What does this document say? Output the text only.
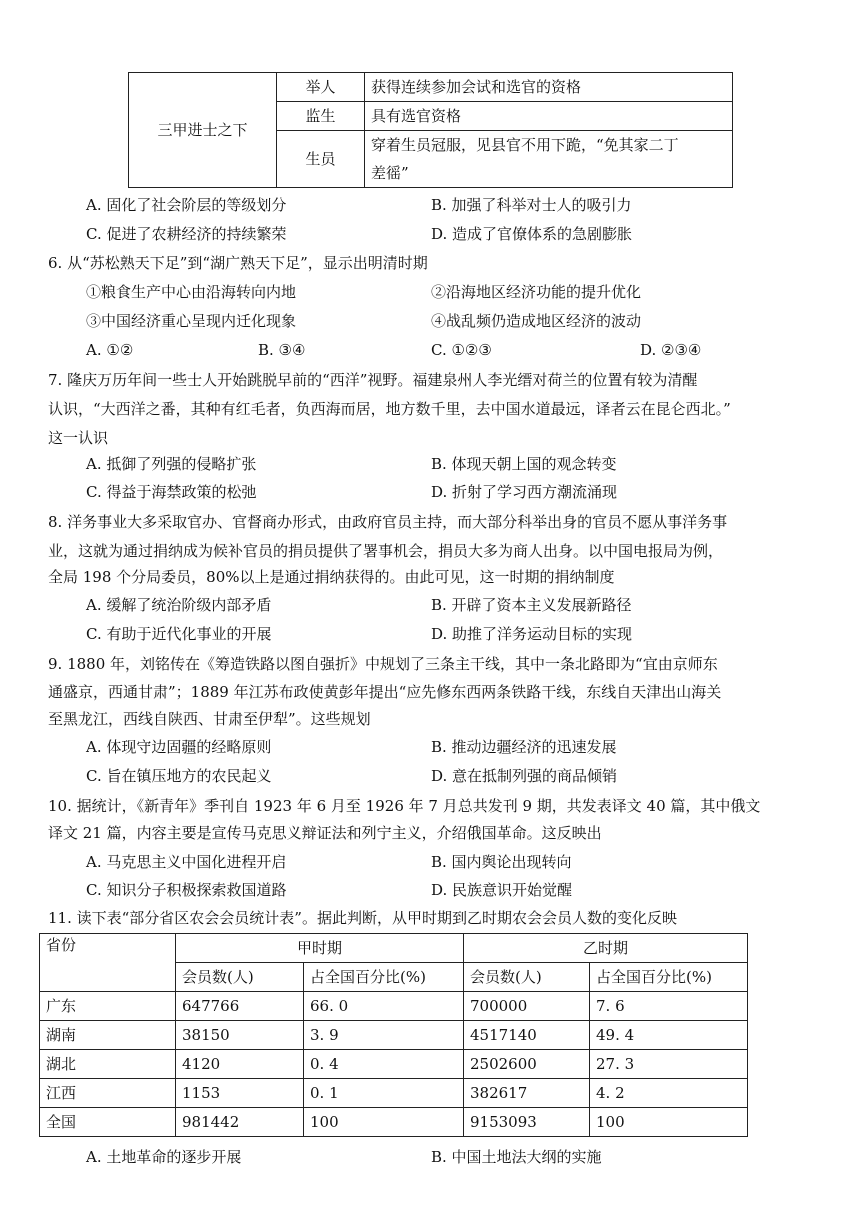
三甲进士之下	举人	获得连续参加会试和选官的资格
	监生	具有选官资格
	生员	穿着生员冠服，见县官不用下跪，“免其家二丁
		差徭”
A. 固化了社会阶层的等级划分	B. 加强了科举对士人的吸引力
C. 促进了农耕经济的持续繁荣	D. 造成了官僚体系的急剧膨胀
6. 从“苏松熟天下足”到“湖广熟天下足”，显示出明清时期
①粮食生产中心由沿海转向内地	②沿海地区经济功能的提升优化
③中国经济重心呈现内迁化现象	④战乱频仍造成地区经济的波动
A. ①②	B. ③④	C. ①②③	D. ②③④
7. 隆庆万历年间一些士人开始跳脱早前的“西洋”视野。福建泉州人李光缙对荷兰的位置有较为清醒
认识，“大西洋之番，其种有红毛者，负西海而居，地方数千里，去中国水道最远，译者云在昆仑西北。”
这一认识
A. 抵御了列强的侵略扩张	B. 体现天朝上国的观念转变
C. 得益于海禁政策的松弛	D. 折射了学习西方潮流涌现
8. 洋务事业大多采取官办、官督商办形式，由政府官员主持，而大部分科举出身的官员不愿从事洋务事
业，这就为通过捐纳成为候补官员的捐员提供了署事机会，捐员大多为商人出身。以中国电报局为例，
全局 198 个分局委员，80%以上是通过捐纳获得的。由此可见，这一时期的捐纳制度
A. 缓解了统治阶级内部矛盾	B. 开辟了资本主义发展新路径
C. 有助于近代化事业的开展	D. 助推了洋务运动目标的实现
9. 1880 年，刘铭传在《筹造铁路以图自强折》中规划了三条主干线，其中一条北路即为“宜由京师东
通盛京，西通甘肃”；1889 年江苏布政使黄彭年提出“应先修东西两条铁路干线，东线自天津出山海关
至黑龙江，西线自陕西、甘肃至伊犁”。这些规划
A. 体现守边固疆的经略原则	B. 推动边疆经济的迅速发展
C. 旨在镇压地方的农民起义	D. 意在抵制列强的商品倾销
10. 据统计，《新青年》季刊自 1923 年 6 月至 1926 年 7 月总共发刊 9 期，共发表译文 40 篇，其中俄文
译文 21 篇，内容主要是宣传马克思义辩证法和列宁主义，介绍俄国革命。这反映出
A. 马克思主义中国化进程开启	B. 国内舆论出现转向
C. 知识分子积极探索救国道路	D. 民族意识开始觉醒
11. 读下表“部分省区农会会员统计表”。据此判断，从甲时期到乙时期农会会员人数的变化反映
省份	甲时期		乙时期	
	会员数(人)	占全国百分比(%)	会员数(人)	占全国百分比(%)
广东	647766	66. 0	700000	7. 6
湖南	38150	3. 9	4517140	49. 4
湖北	4120	0. 4	2502600	27. 3
江西	1153	0. 1	382617	4. 2
全国	981442	100	9153093	100
A. 土地革命的逐步开展	B. 中国土地法大纲的实施
